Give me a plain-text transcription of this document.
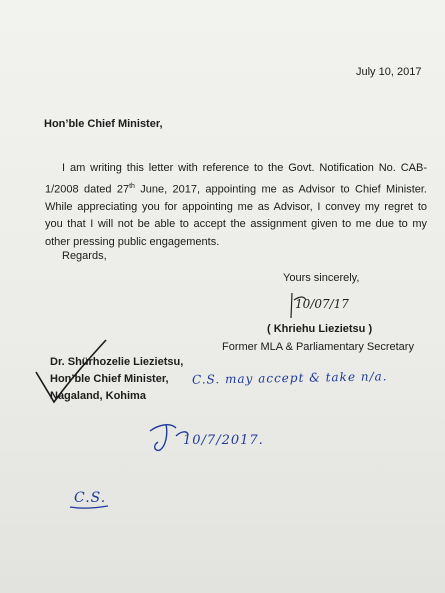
July 10, 2017
Hon’ble Chief Minister,

I am writing this letter with reference to the Govt. Notification No. CAB-1/2008 dated 27th June, 2017, appointing me as Advisor to Chief Minister. While appreciating you for appointing me as Advisor, I convey my regret to you that I will not be able to accept the assignment given to me due to my other pressing public engagements.

Regards,
Yours sincerely,
10/07/17
( Khriehu Liezietsu )
Former MLA & Parliamentary Secretary
Dr. Shürhozelie Liezietsu,
Hon’ble Chief Minister,
Nagaland, Kohima
C.S. may accept & take n/a.
10/7/2017.
C.S.
